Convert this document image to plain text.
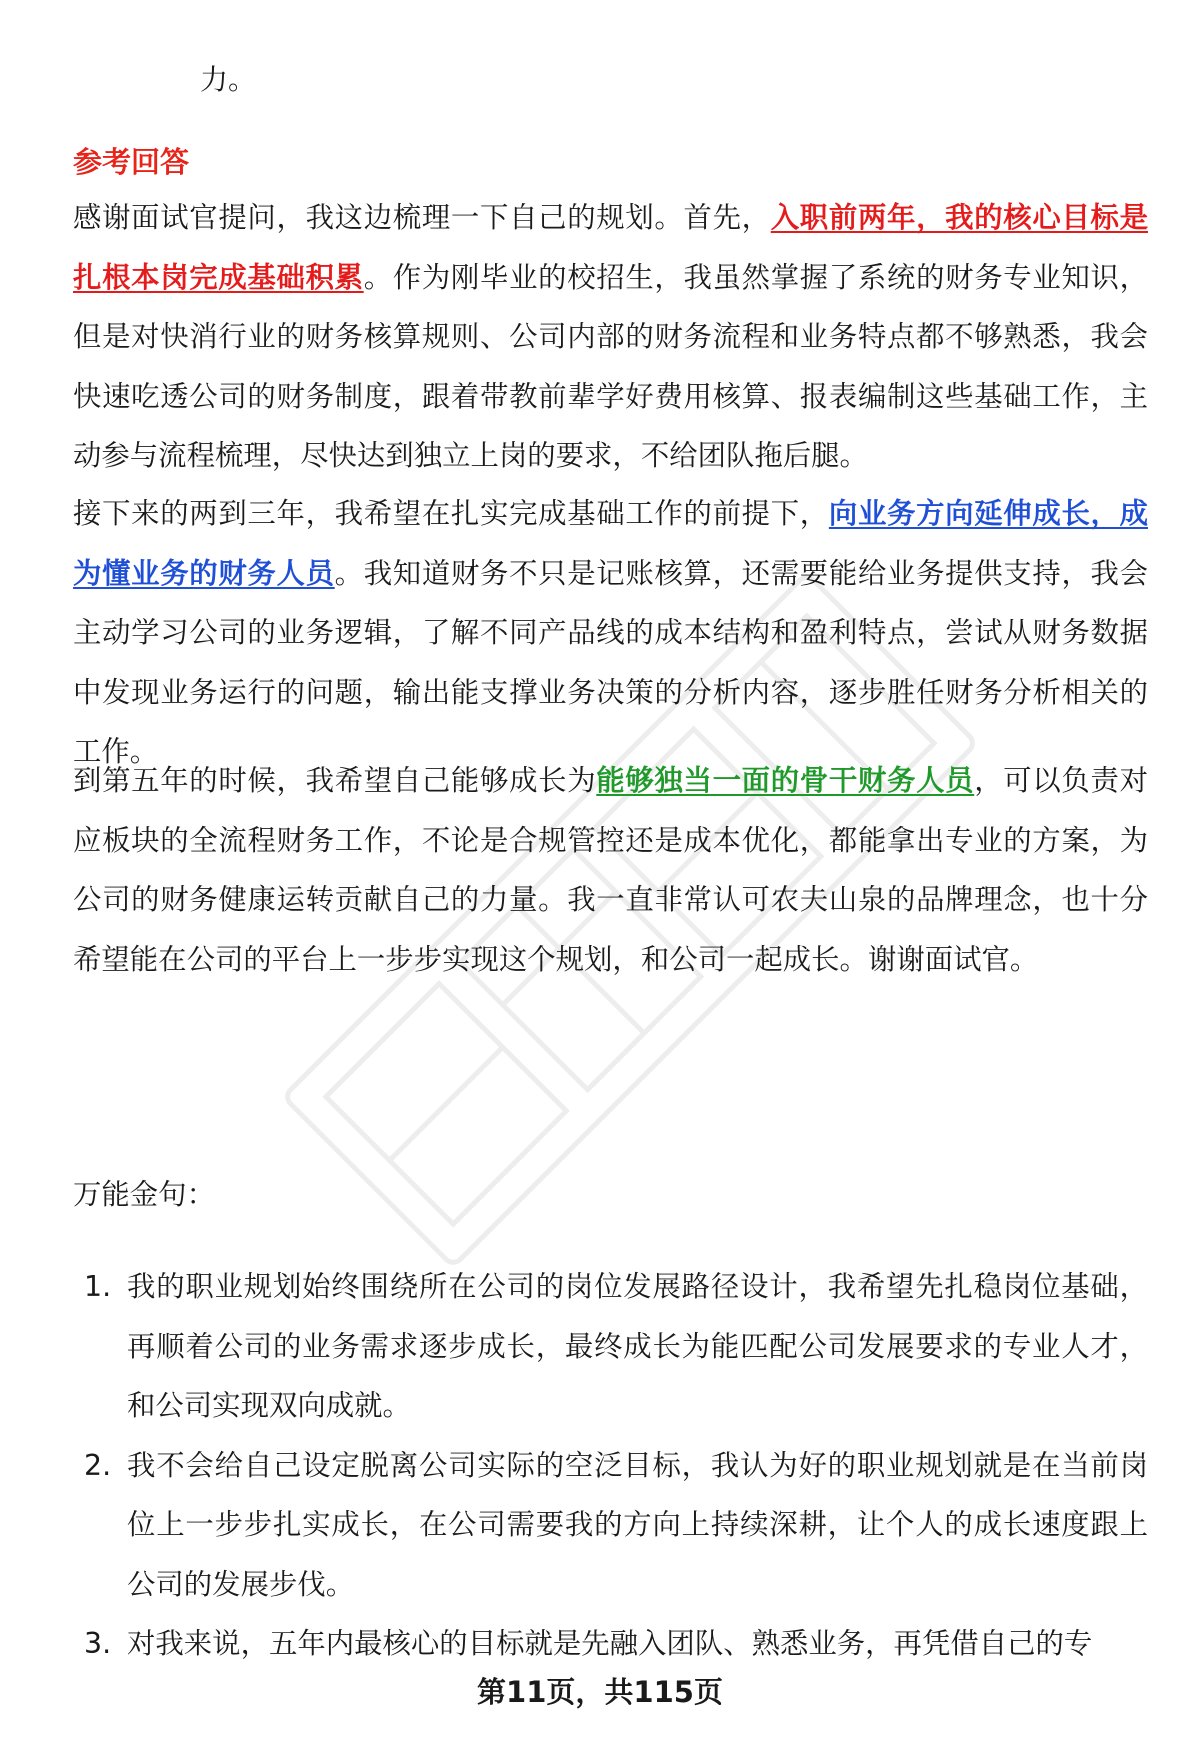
力。
参考回答

感谢面试官提问，我这边梳理一下自己的规划。首先，入职前两年，我的核心目标是扎根本岗完成基础积累。作为刚毕业的校招生，我虽然掌握了系统的财务专业知识，但是对快消行业的财务核算规则、公司内部的财务流程和业务特点都不够熟悉，我会快速吃透公司的财务制度，跟着带教前辈学好费用核算、报表编制这些基础工作，主动参与流程梳理，尽快达到独立上岗的要求，不给团队拖后腿。

接下来的两到三年，我希望在扎实完成基础工作的前提下，向业务方向延伸成长，成为懂业务的财务人员。我知道财务不只是记账核算，还需要能给业务提供支持，我会主动学习公司的业务逻辑，了解不同产品线的成本结构和盈利特点，尝试从财务数据中发现业务运行的问题，输出能支撑业务决策的分析内容，逐步胜任财务分析相关的工作。

到第五年的时候，我希望自己能够成长为能够独当一面的骨干财务人员，可以负责对应板块的全流程财务工作，不论是合规管控还是成本优化，都能拿出专业的方案，为公司的财务健康运转贡献自己的力量。我一直非常认可农夫山泉的品牌理念，也十分希望能在公司的平台上一步步实现这个规划，和公司一起成长。谢谢面试官。

万能金句：
1. 我的职业规划始终围绕所在公司的岗位发展路径设计，我希望先扎稳岗位基础，再顺着公司的业务需求逐步成长，最终成长为能匹配公司发展要求的专业人才，和公司实现双向成就。
2. 我不会给自己设定脱离公司实际的空泛目标，我认为好的职业规划就是在当前岗位上一步步扎实成长，在公司需要我的方向上持续深耕，让个人的成长速度跟上公司的发展步伐。
3. 对我来说，五年内最核心的目标就是先融入团队、熟悉业务，再凭借自己的专
第11页，共115页
